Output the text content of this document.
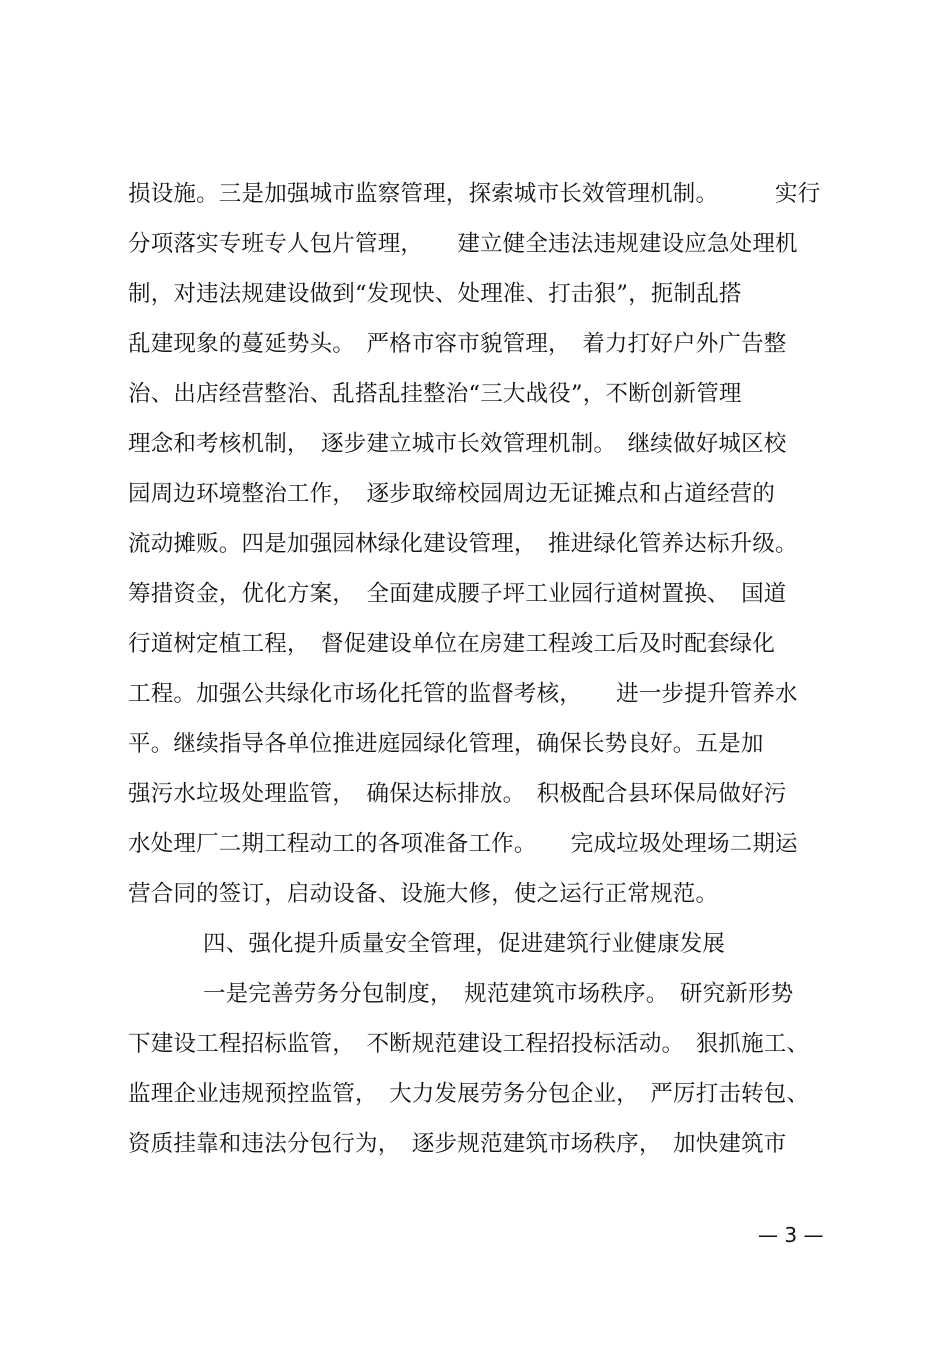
损设施。三是加强城市监察管理，探索城市长效管理机制。　　　实行
分项落实专班专人包片管理，　　建立健全违法违规建设应急处理机
制，对违法规建设做到“发现快、处理准、打击狠”，扼制乱搭
乱建现象的蔓延势头。　严格市容市貌管理，　着力打好户外广告整
治、出店经营整治、乱搭乱挂整治“三大战役”，不断创新管理
理念和考核机制，　逐步建立城市长效管理机制。　继续做好城区校
园周边环境整治工作，　逐步取缔校园周边无证摊点和占道经营的
流动摊贩。四是加强园林绿化建设管理，　推进绿化管养达标升级。
筹措资金，优化方案，　全面建成腰子坪工业园行道树置换、　国道
行道树定植工程，　督促建设单位在房建工程竣工后及时配套绿化
工程。加强公共绿化市场化托管的监督考核，　　进一步提升管养水
平。继续指导各单位推进庭园绿化管理，确保长势良好。五是加
强污水垃圾处理监管，　确保达标排放。　积极配合县环保局做好污
水处理厂二期工程动工的各项准备工作。　　完成垃圾处理场二期运
营合同的签订，启动设备、设施大修，使之运行正常规范。
四、强化提升质量安全管理，促进建筑行业健康发展
一是完善劳务分包制度，　规范建筑市场秩序。　研究新形势
下建设工程招标监管，　不断规范建设工程招投标活动。　狠抓施工、
监理企业违规预控监管，　大力发展劳务分包企业，　严厉打击转包、
资质挂靠和违法分包行为，　逐步规范建筑市场秩序，　加快建筑市
— 3 —
